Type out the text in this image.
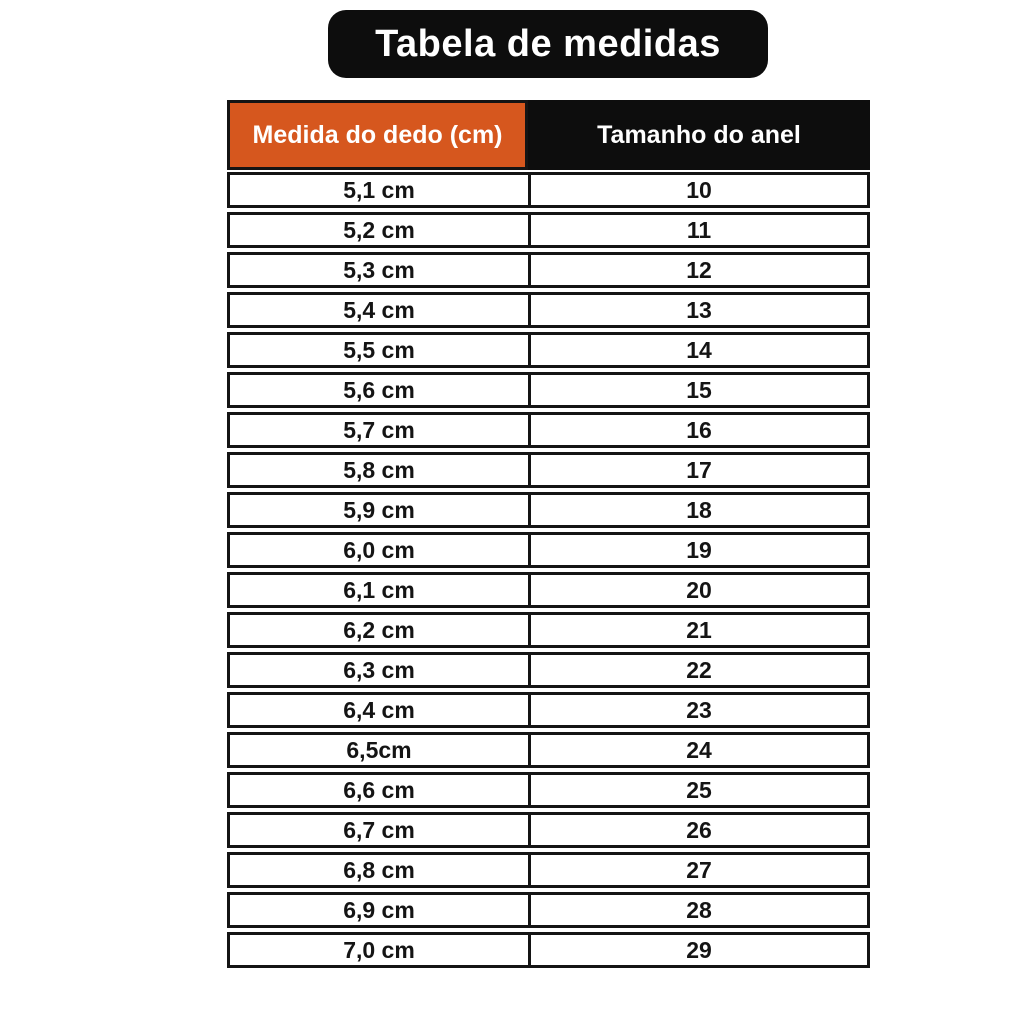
Tabela de medidas
Medida do dedo (cm)	Tamanho do anel
5,1 cm	10
5,2 cm	11
5,3 cm	12
5,4 cm	13
5,5 cm	14
5,6 cm	15
5,7 cm	16
5,8 cm	17
5,9 cm	18
6,0 cm	19
6,1 cm	20
6,2 cm	21
6,3 cm	22
6,4 cm	23
6,5cm	24
6,6 cm	25
6,7 cm	26
6,8 cm	27
6,9 cm	28
7,0 cm	29
